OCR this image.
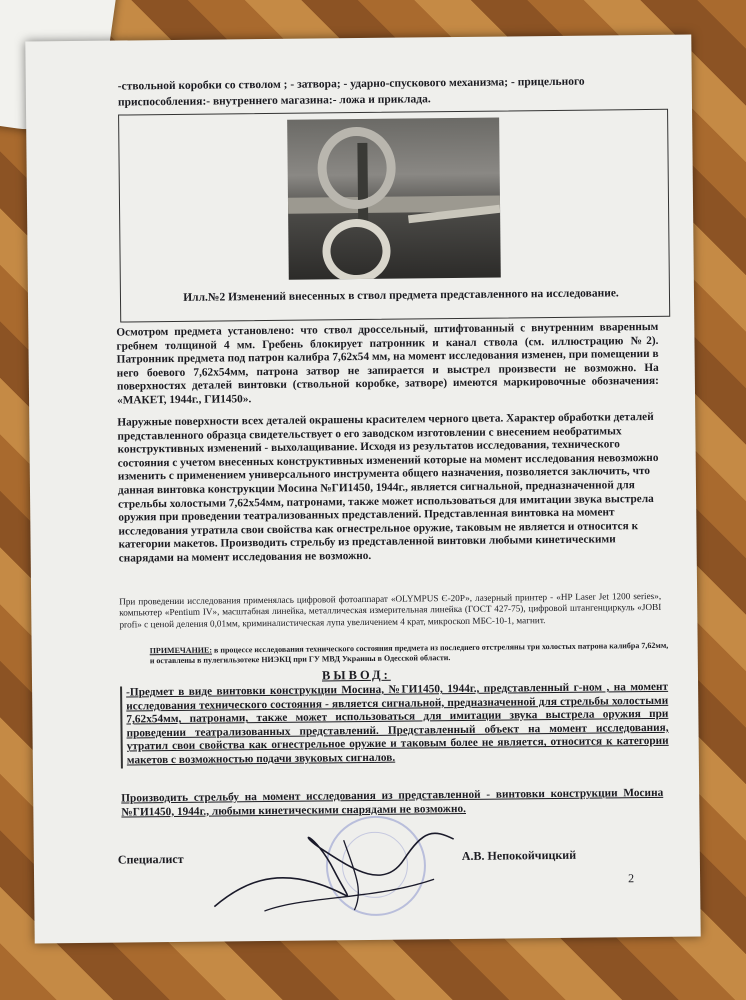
-ствольной коробки со стволом ; - затвора; - ударно-спускового механизма; - прицельного приспособления:- внутреннего магазина:- ложа и приклада.

Илл.№2 Изменений внесенных в ствол предмета представленного на исследование.

Осмотром предмета установлено: что ствол дроссельный, штифтованный с внутренним вваренным гребнем толщиной 4 мм. Гребень блокирует патронник и канал ствола (см. иллюстрацию №2). Патронник предмета под патрон калибра 7,62х54 мм, на момент исследования изменен, при помещении в него боевого 7,62х54мм, патрона затвор не запирается и выстрел произвести не возможно. На поверхностях деталей винтовки (ствольной коробке, затворе) имеются маркировочные обозначения: «МАКЕТ, 1944г., ГИ1450».

Наружные поверхности всех деталей окрашены красителем черного цвета. Характер обработки деталей представленного образца свидетельствует о его заводском изготовлении с внесением необратимых конструктивных изменений - выхолащивание. Исходя из результатов исследования, технического состояния с учетом внесенных конструктивных изменений которые на момент исследования невозможно изменить с применением универсального инструмента общего назначения, позволяется заключить, что данная винтовка конструкции Мосина №ГИ1450, 1944г., является сигнальной, предназначенной для стрельбы холостыми 7,62х54мм, патронами, также может использоваться для имитации звука выстрела оружия при проведении театрализованных представлений. Представленная винтовка на момент исследования утратила свои свойства как огнестрельное оружие, таковым не является и относится к категории макетов. Производить стрельбу из представленной винтовки любыми кинетическими снарядами на момент исследования не возможно.

При проведении исследования применялась цифровой фотоаппарат «OLYMPUS Є-20Р», лазерный принтер - «HP Laser Jet 1200 series», компьютер «Pentium IV», масштабная линейка, металлическая измерительная линейка (ГОСТ 427-75), цифровой штангенциркуль «JOBI profi» с ценой деления 0,01мм, криминалистическая лупа увеличением 4 крат, микроскоп МБС-10-1, магнит.

ПРИМЕЧАНИЕ: в процессе исследования технического состояния предмета из последнего отстреляны три холостых патрона калибра 7,62мм, и оставлены в пулегильзотеке НИЭКЦ при ГУ МВД Украины в Одесской области.

ВЫВОД:

-Предмет в виде винтовки конструкции Мосина, №ГИ1450, 1944г., представленный г-ном , на момент исследования технического состояния - является сигнальной, предназначенной для стрельбы холостыми 7,62х54мм, патронами, также может использоваться для имитации звука выстрела оружия при проведении театрализованных представлений. Представленный объект на момент исследования, утратил свои свойства как огнестрельное оружие и таковым более не является, относится к категории макетов с возможностью подачи звуковых сигналов.

Производить стрельбу на момент исследования из представленной - винтовки конструкции Мосина №ГИ1450, 1944г., любыми кинетическими снарядами не возможно.

Специалист	А.В. Непокойчицкий

2
